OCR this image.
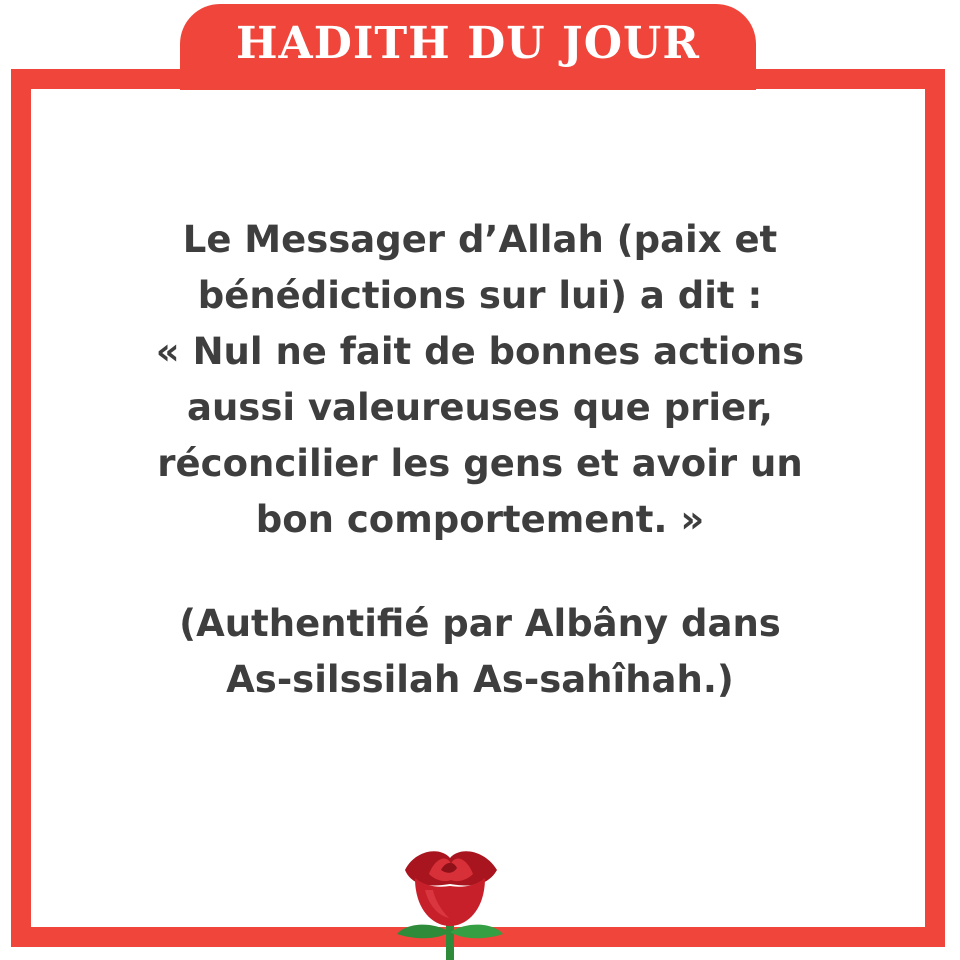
HADITH DU JOUR
Le Messager d’Allah (paix et
bénédictions sur lui) a dit :
« Nul ne fait de bonnes actions
aussi valeureuses que prier,
réconcilier les gens et avoir un
bon comportement. »
(Authentifié par Albâny dans
As-silssilah As-sahîhah.)
